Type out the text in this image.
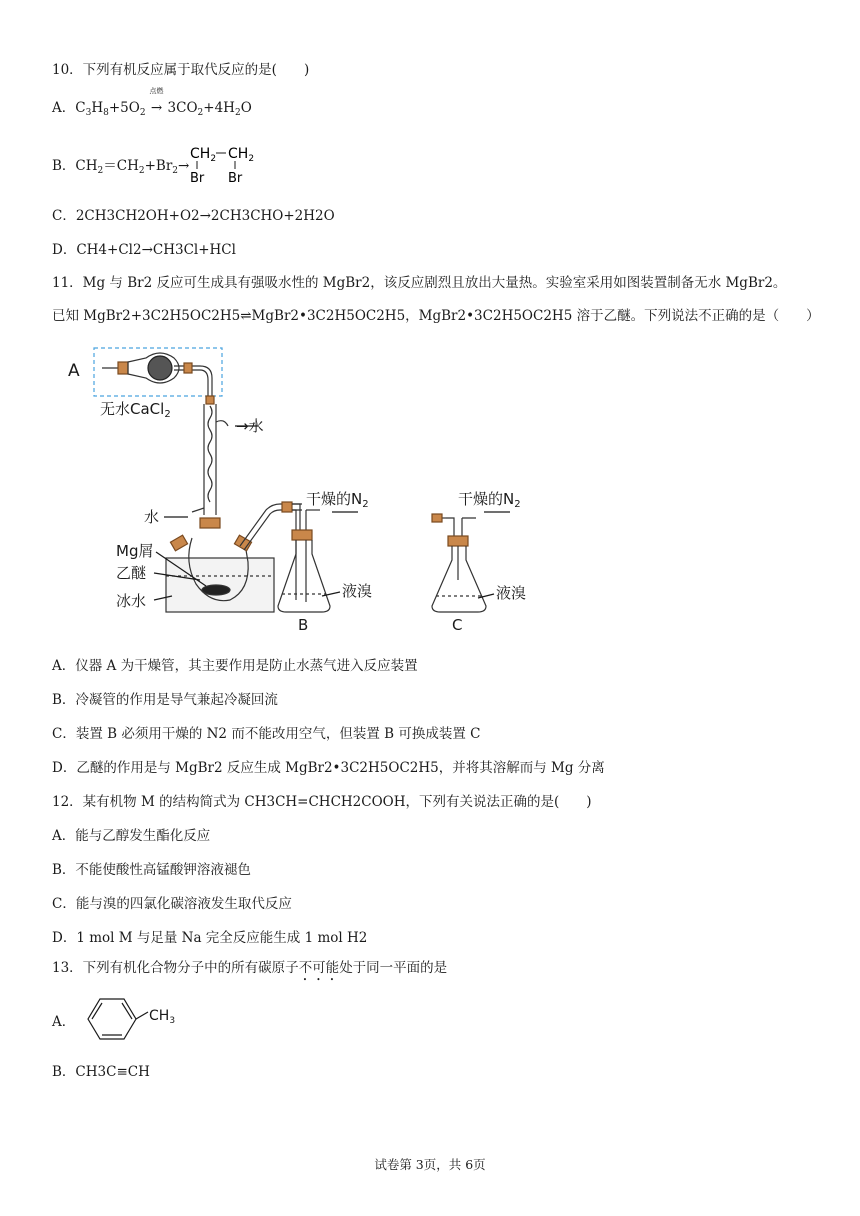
10．下列有机反应属于取代反应的是(　　)
A．$C_3H_8+5O_2$
点燃
→ $3CO_2+4H_2O$
B．$CH_2=CH_2+Br_2\to$
$CH_2$ $CH_2$
Br Br
C．2CH3CH2OH+O2→2CH3CHO+2H2O
D．CH4+Cl2→CH3Cl+HCl
11．Mg 与 Br2 反应可生成具有强吸水性的 MgBr2，该反应剧烈且放出大量热。实验室采用如图装置制备无水 MgBr2。
已知 MgBr2+3C2H5OC2H5⇌MgBr2•3C2H5OC2H5，MgBr2•3C2H5OC2H5 溶于乙醚。下列说法不正确的是（　　）
A
无水CaCl$_2$
→水
水
Mg屑
乙醚
冰水
干燥的$N_2$
液溴
B
干燥的$N_2$
液溴
C
A．仪器 A 为干燥管，其主要作用是防止水蒸气进入反应装置
B．冷凝管的作用是导气兼起冷凝回流
C．装置 B 必须用干燥的 N2 而不能改用空气，但装置 B 可换成装置 C
D．乙醚的作用是与 MgBr2 反应生成 MgBr2•3C2H5OC2H5，并将其溶解而与 Mg 分离
12．某有机物 M 的结构简式为 CH3CH=CHCH2COOH，下列有关说法正确的是(　　)
A．能与乙醇发生酯化反应
B．不能使酸性高锰酸钾溶液褪色
C．能与溴的四氯化碳溶液发生取代反应
D．1 mol M 与足量 Na 完全反应能生成 1 mol H2
13．下列有机化合物分子中的所有碳原子不可能处于同一平面的是
A．	$CH_3$
B．CH3C≡CH
试卷第 3页，共 6页
